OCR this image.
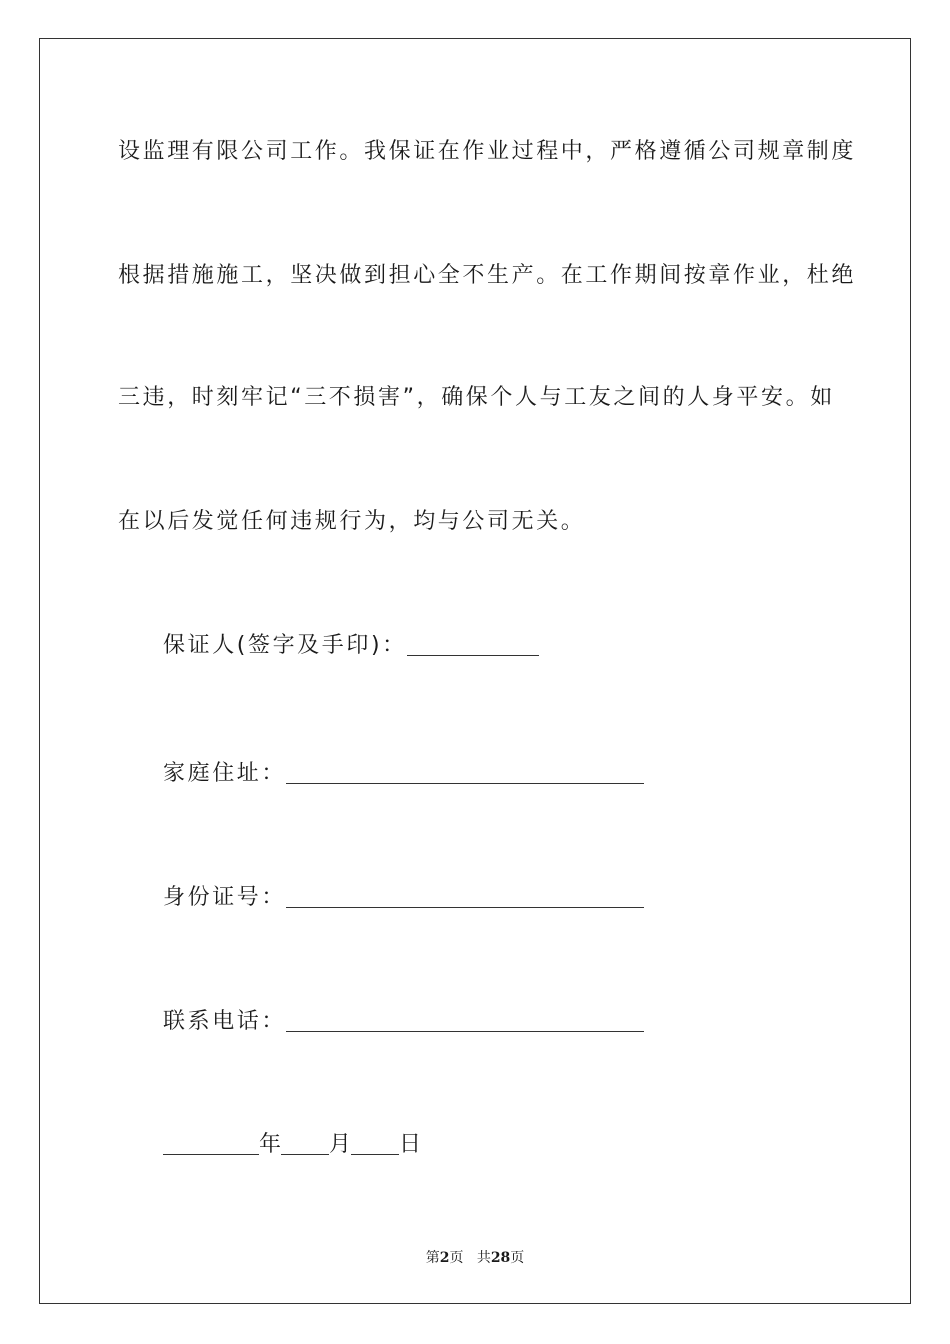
设监理有限公司工作。我保证在作业过程中，严格遵循公司规章制度
根据措施施工，坚决做到担心全不生产。在工作期间按章作业，杜绝
三违，时刻牢记“三不损害”，确保个人与工友之间的人身平安。如
在以后发觉任何违规行为，均与公司无关。
保证人(签字及手印)：
家庭住址：
身份证号：
联系电话：
年 月 日
第2页 共28页
